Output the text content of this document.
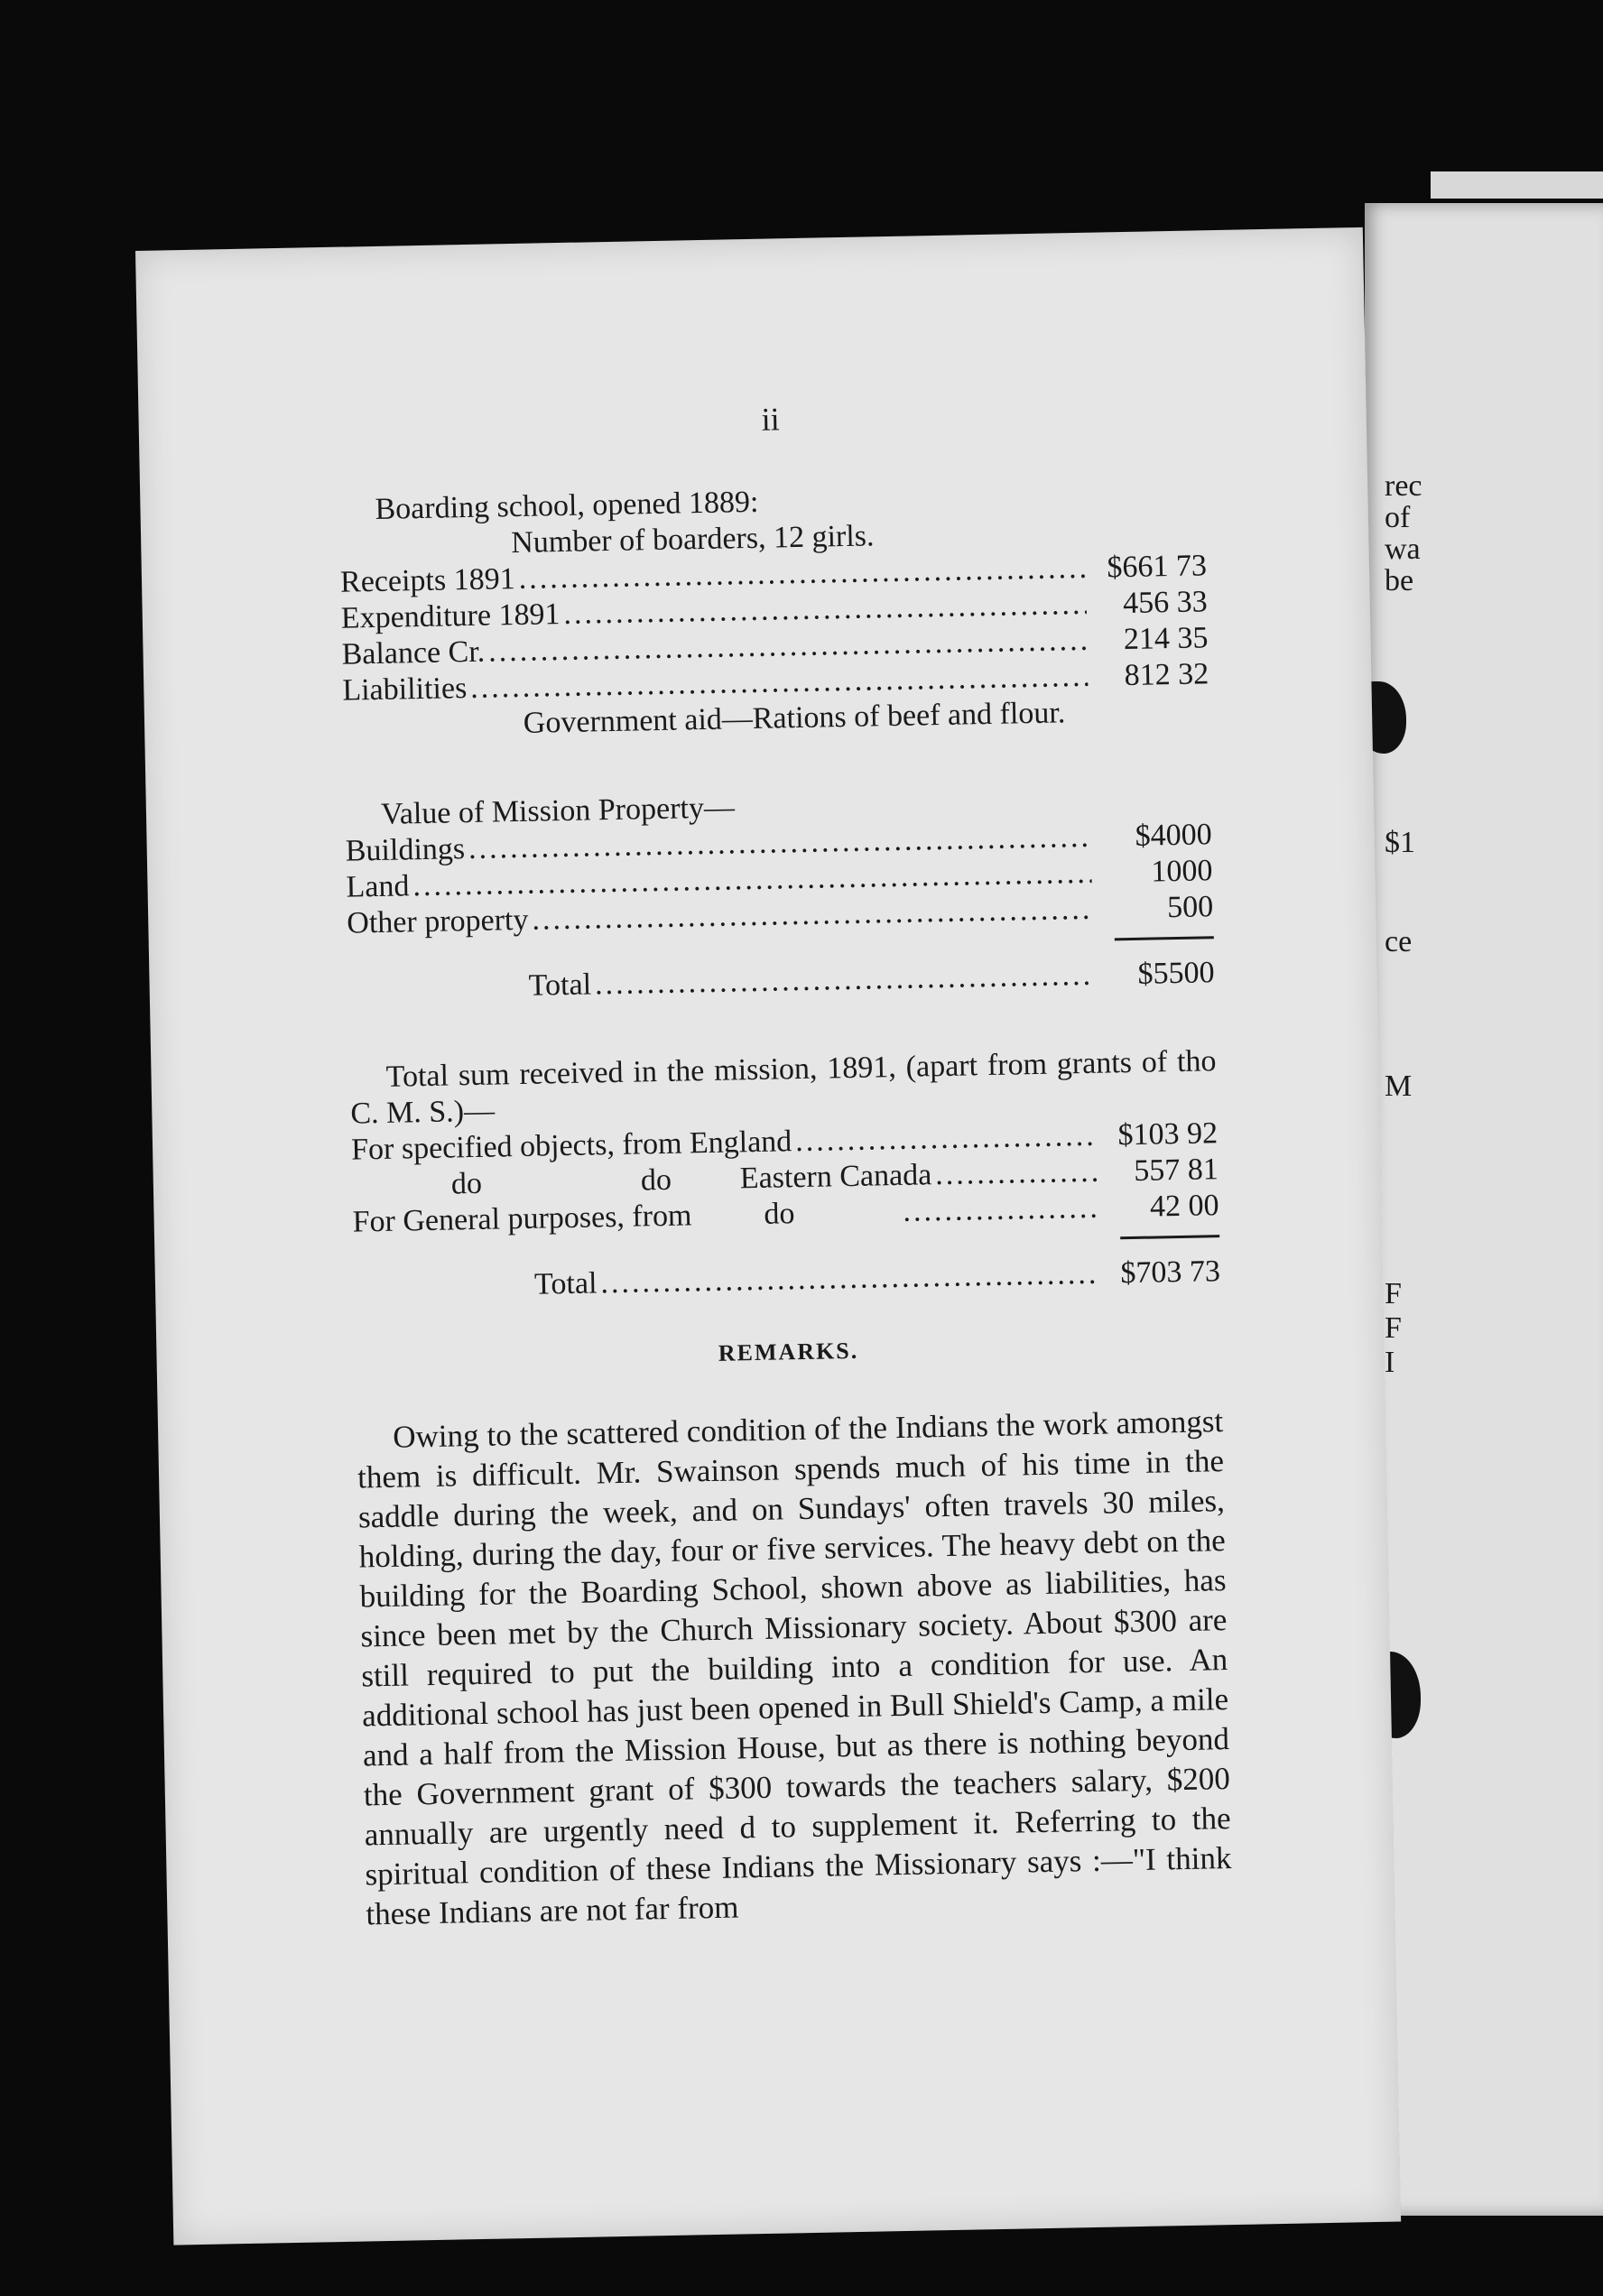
rec
of
wa
be
$1
ce
M
F
F
I
ii
Boarding school, opened 1889:
Number of boarders, 12 girls.
Receipts 1891 .....	$661 73
Expenditure 1891 .....	456 33
Balance Cr. .....	214 35
Liabilities .....	812 32
Government aid—Rations of beef and flour.
Value of Mission Property—
Buildings .....	$4000
Land .....	1000
Other property .....	500
Total .....	$5500
Total sum received in the mission, 1891, (apart from grants of tho C. M. S.)—
For specified objects, from England .....	$103 92
do	do	Eastern Canada .....	557 81
For General purposes, from	do .....	42 00
Total .....	$703 73
REMARKS.
Owing to the scattered condition of the Indians the work amongst them is difficult. Mr. Swainson spends much of his time in the saddle during the week, and on Sundays' often travels 30 miles, holding, during the day, four or five services. The heavy debt on the building for the Boarding School, shown above as liabilities, has since been met by the Church Missionary society. About $300 are still required to put the building into a condition for use. An additional school has just been opened in Bull Shield's Camp, a mile and a half from the Mission House, but as there is nothing beyond the Government grant of $300 towards the teachers salary, $200 annually are urgently need d to supplement it. Referring to the spiritual condition of these Indians the Missionary says :—"I think these Indians are not far from
